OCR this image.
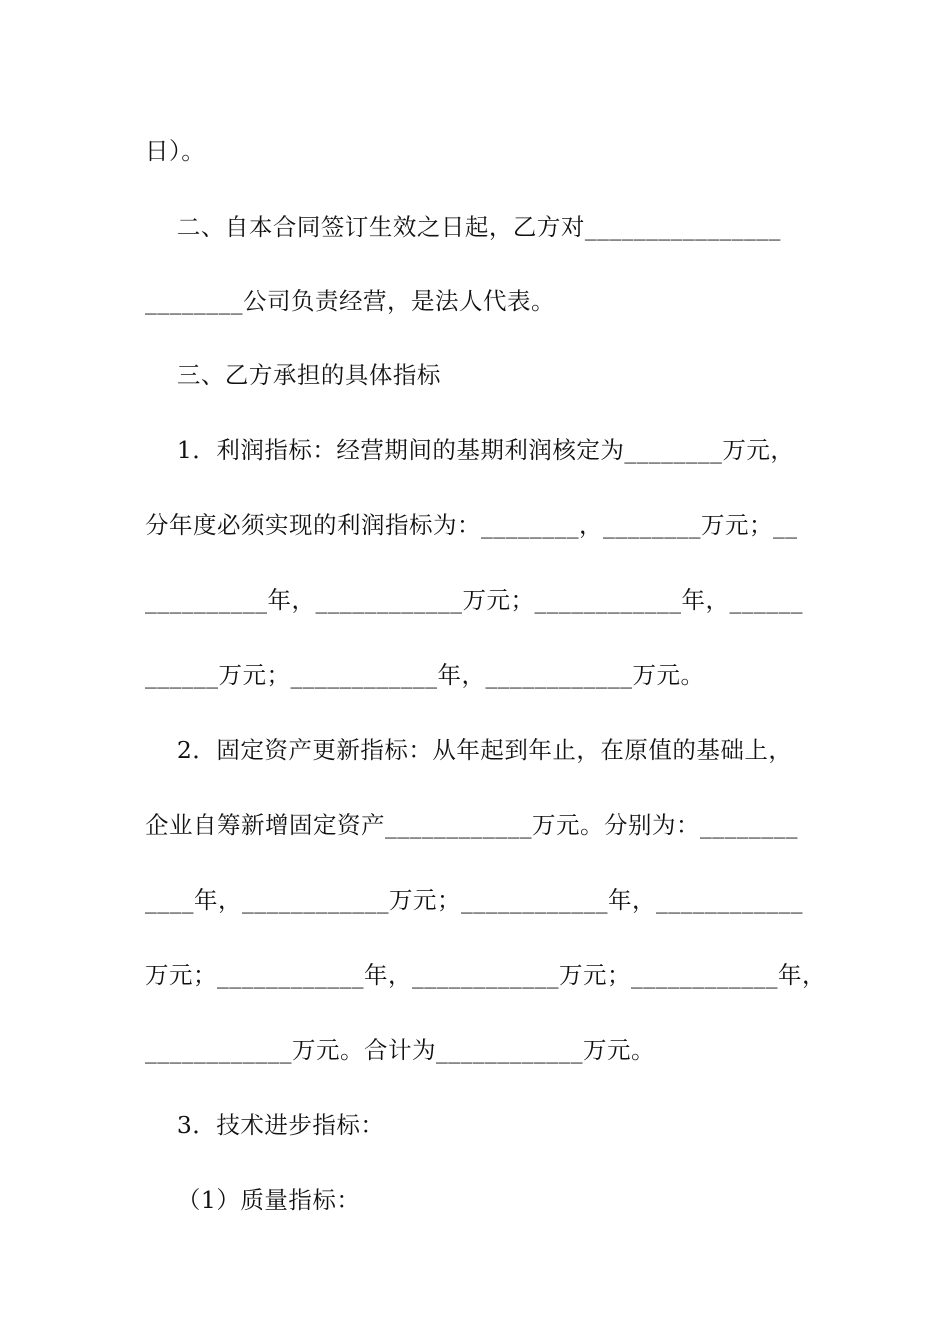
日）。
二、自本合同签订生效之日起，乙方对________________
________公司负责经营，是法人代表。
三、乙方承担的具体指标
1．利润指标：经营期间的基期利润核定为________万元，
分年度必须实现的利润指标为：________，________万元；__
__________年，____________万元；____________年，______
______万元；____________年，____________万元。
2．固定资产更新指标：从年起到年止，在原值的基础上，
企业自筹新增固定资产____________万元。分别为：________
____年，____________万元；____________年，____________
万元；____________年，____________万元；____________年，
____________万元。合计为____________万元。
3．技术进步指标：
（1）质量指标：
